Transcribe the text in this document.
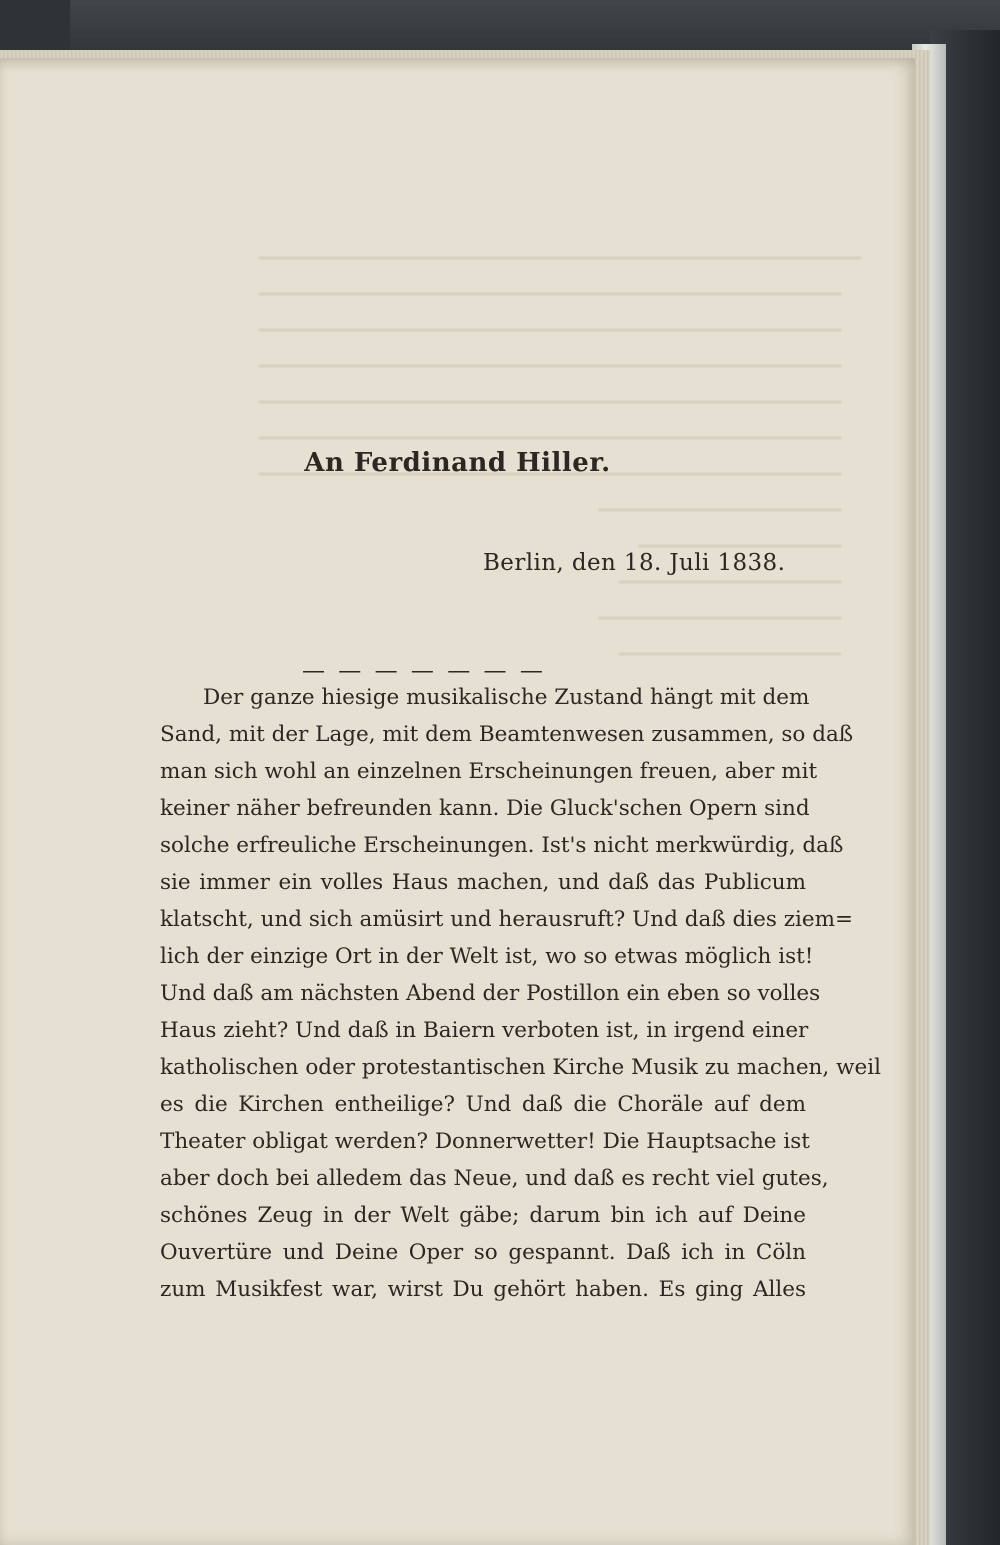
An Ferdinand Hiller.
Berlin, den 18. Juli 1838.
— — — — — — —
Der ganze hiesige musikalische Zustand hängt mit dem
Sand, mit der Lage, mit dem Beamtenwesen zusammen, so daß
man sich wohl an einzelnen Erscheinungen freuen, aber mit
keiner näher befreunden kann. Die Gluck'schen Opern sind
solche erfreuliche Erscheinungen. Ist's nicht merkwürdig, daß
sie immer ein volles Haus machen, und daß das Publicum
klatscht, und sich amüsirt und herausruft? Und daß dies ziem=
lich der einzige Ort in der Welt ist, wo so etwas möglich ist!
Und daß am nächsten Abend der Postillon ein eben so volles
Haus zieht? Und daß in Baiern verboten ist, in irgend einer
katholischen oder protestantischen Kirche Musik zu machen, weil
es die Kirchen entheilige? Und daß die Choräle auf dem
Theater obligat werden? Donnerwetter! Die Hauptsache ist
aber doch bei alledem das Neue, und daß es recht viel gutes,
schönes Zeug in der Welt gäbe; darum bin ich auf Deine
Ouvertüre und Deine Oper so gespannt. Daß ich in Cöln
zum Musikfest war, wirst Du gehört haben. Es ging Alles
